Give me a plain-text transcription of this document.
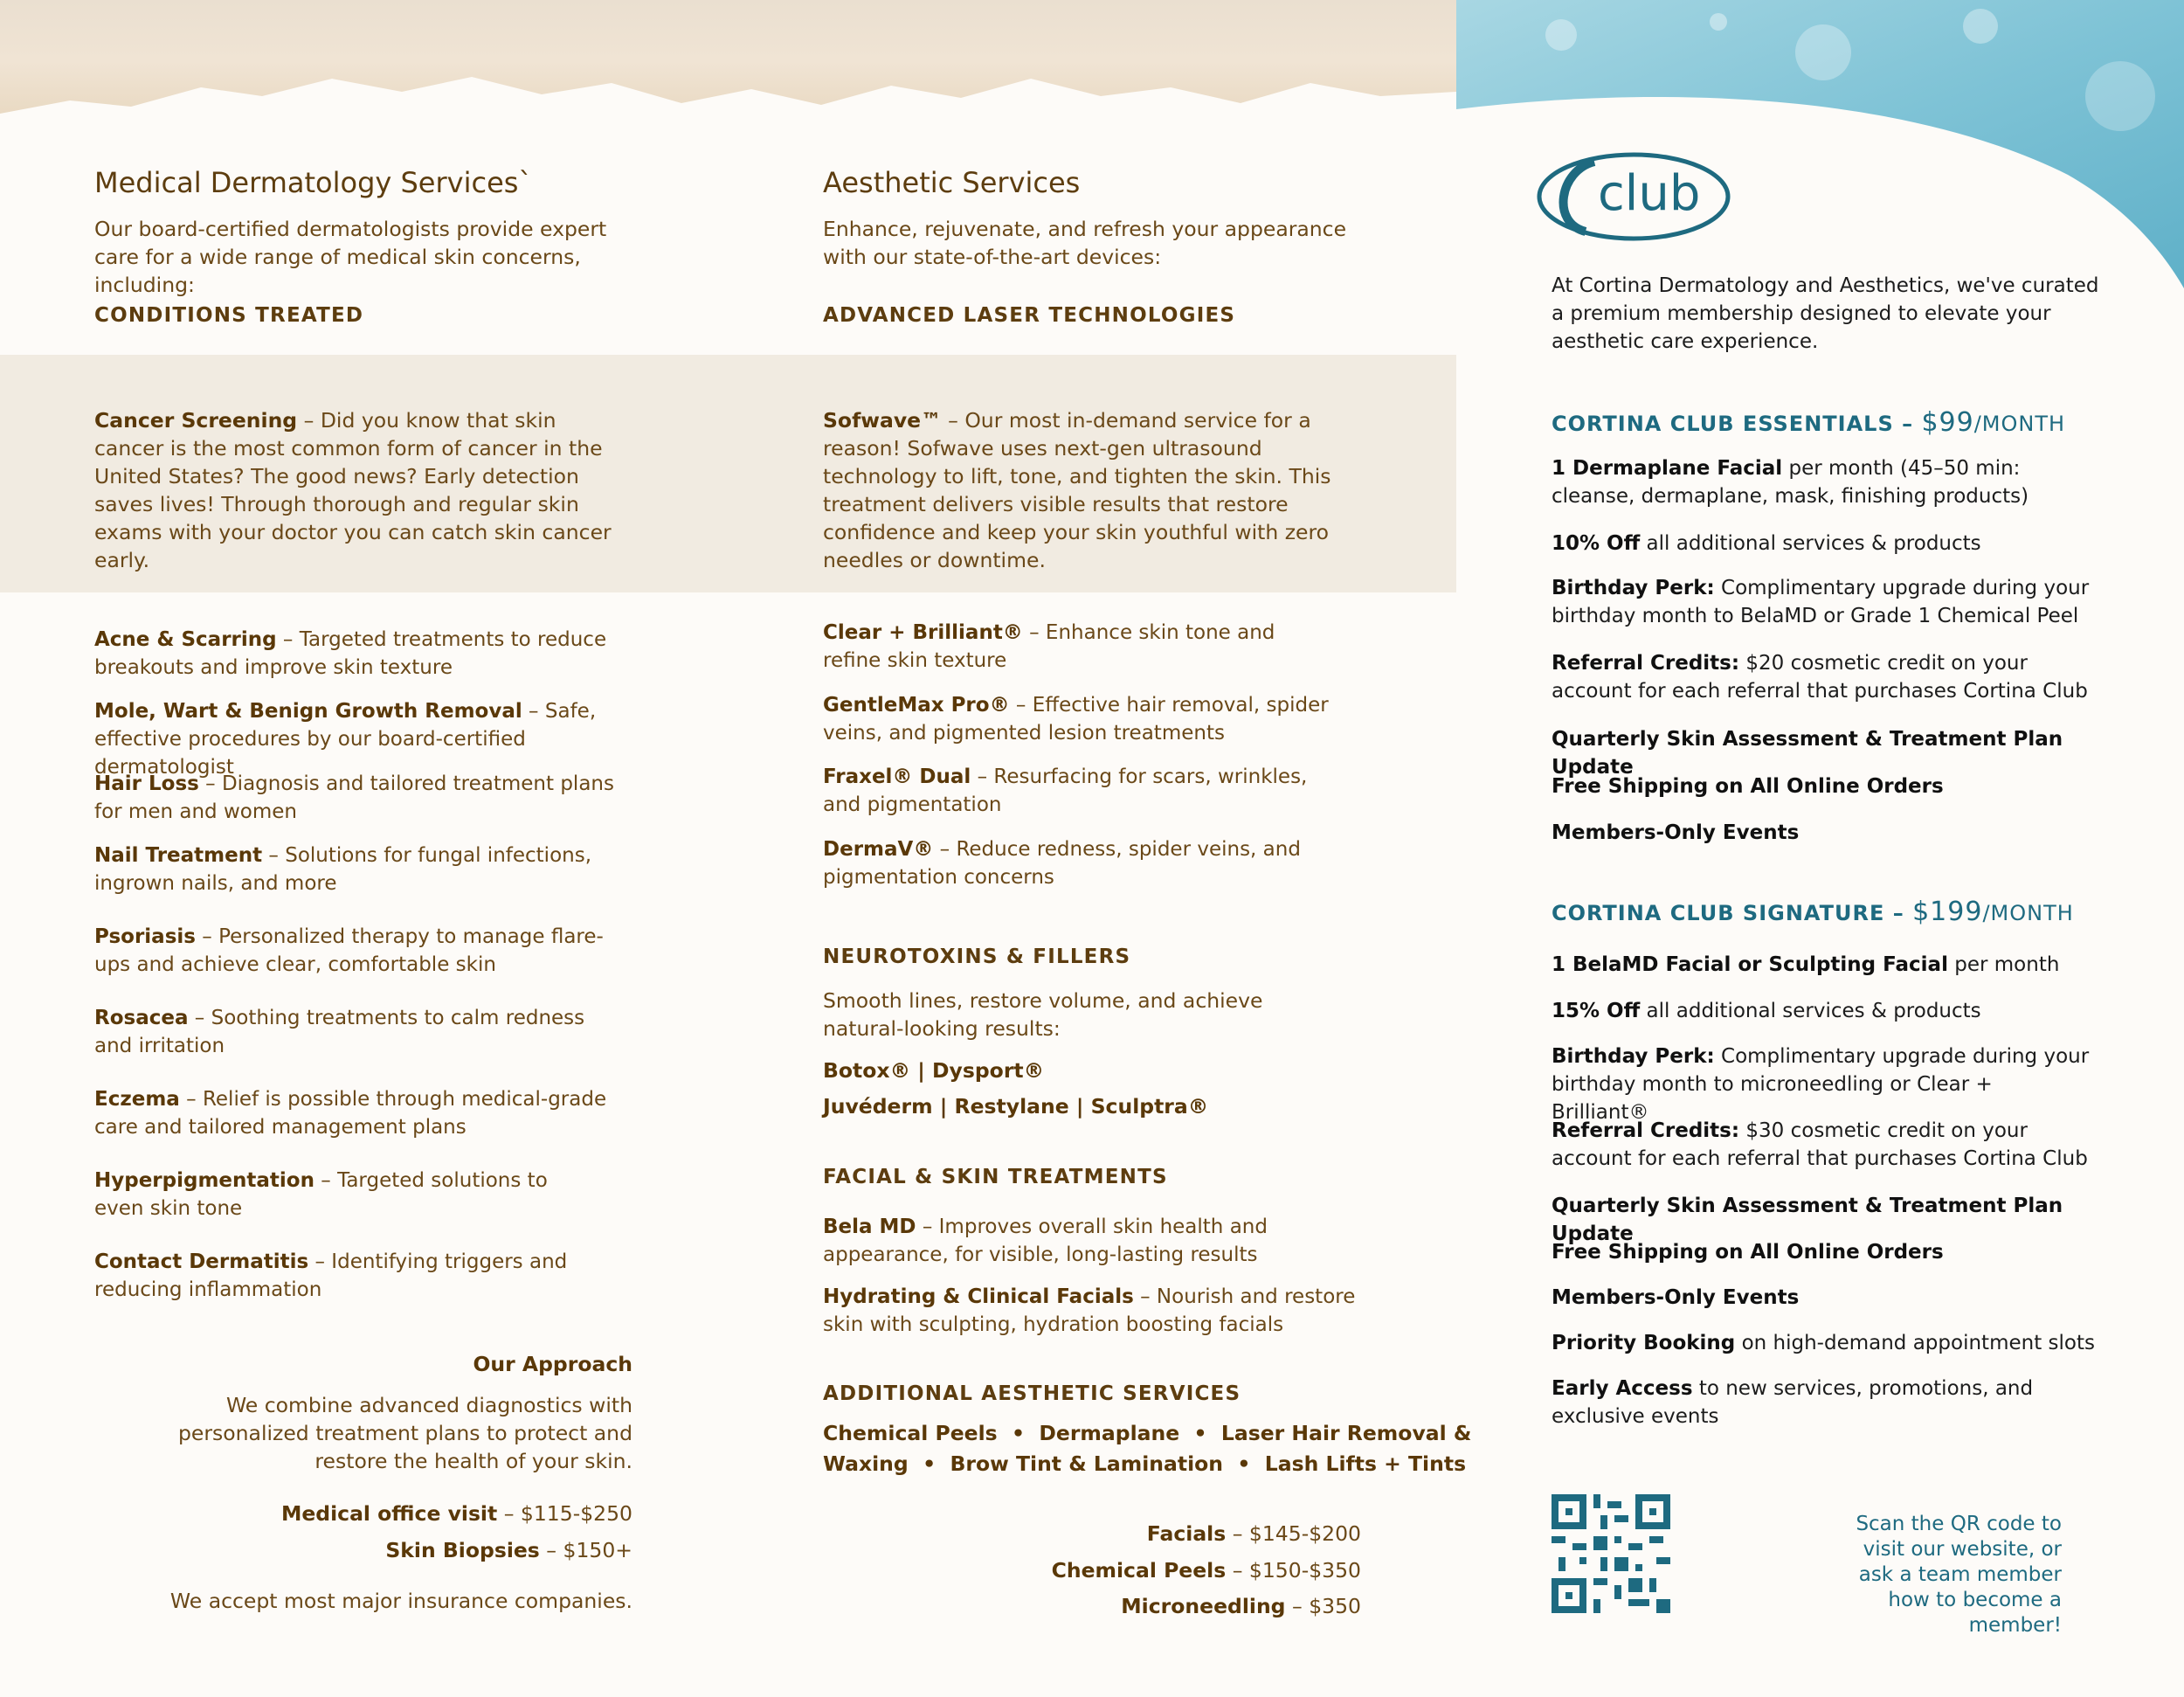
Medical Dermatology Services`
Our board-certified dermatologists provide expert care for a wide range of medical skin concerns, including:
CONDITIONS TREATED
Cancer Screening – Did you know that skin cancer is the most common form of cancer in the United States? The good news? Early detection saves lives! Through thorough and regular skin exams with your doctor you can catch skin cancer early.
Acne & Scarring – Targeted treatments to reduce breakouts and improve skin texture
Mole, Wart & Benign Growth Removal – Safe, effective procedures by our board-certified dermatologist
Hair Loss – Diagnosis and tailored treatment plans for men and women
Nail Treatment – Solutions for fungal infections, ingrown nails, and more
Psoriasis – Personalized therapy to manage flare-ups and achieve clear, comfortable skin
Rosacea – Soothing treatments to calm redness and irritation
Eczema – Relief is possible through medical-grade care and tailored management plans
Hyperpigmentation – Targeted solutions to even skin tone
Contact Dermatitis – Identifying triggers and reducing inflammation
Our Approach
We combine advanced diagnostics with personalized treatment plans to protect and restore the health of your skin.
Medical office visit – $115-$250
Skin Biopsies – $150+
We accept most major insurance companies.
Aesthetic Services
Enhance, rejuvenate, and refresh your appearance with our state-of-the-art devices:
ADVANCED LASER TECHNOLOGIES
Sofwave™ – Our most in-demand service for a reason! Sofwave uses next-gen ultrasound technology to lift, tone, and tighten the skin. This treatment delivers visible results that restore confidence and keep your skin youthful with zero needles or downtime.
Clear + Brilliant® – Enhance skin tone and refine skin texture
GentleMax Pro® – Effective hair removal, spider veins, and pigmented lesion treatments
Fraxel® Dual – Resurfacing for scars, wrinkles, and pigmentation
DermaV® – Reduce redness, spider veins, and pigmentation concerns
NEUROTOXINS & FILLERS
Smooth lines, restore volume, and achieve natural-looking results:
Botox® | Dysport®
Juvéderm | Restylane | Sculptra®
FACIAL & SKIN TREATMENTS
Bela MD – Improves overall skin health and appearance, for visible, long-lasting results
Hydrating & Clinical Facials – Nourish and restore skin with sculpting, hydration boosting facials
ADDITIONAL AESTHETIC SERVICES
Chemical Peels  •  Dermaplane  •  Laser Hair Removal &
Waxing  •  Brow Tint & Lamination  •  Lash Lifts + Tints
Facials – $145-$200
Chemical Peels – $150-$350
Microneedling – $350
club
At Cortina Dermatology and Aesthetics, we've curated a premium membership designed to elevate your aesthetic care experience.
CORTINA CLUB ESSENTIALS – $99/MONTH
1 Dermaplane Facial per month (45–50 min: cleanse, dermaplane, mask, finishing products)
10% Off all additional services & products
Birthday Perk: Complimentary upgrade during your birthday month to BelaMD or Grade 1 Chemical Peel
Referral Credits: $20 cosmetic credit on your account for each referral that purchases Cortina Club
Quarterly Skin Assessment & Treatment Plan Update
Free Shipping on All Online Orders
Members-Only Events
CORTINA CLUB SIGNATURE – $199/MONTH
1 BelaMD Facial or Sculpting Facial per month
15% Off all additional services & products
Birthday Perk: Complimentary upgrade during your birthday month to microneedling or Clear + Brilliant®
Referral Credits: $30 cosmetic credit on your account for each referral that purchases Cortina Club
Quarterly Skin Assessment & Treatment Plan Update
Free Shipping on All Online Orders
Members-Only Events
Priority Booking on high-demand appointment slots
Early Access to new services, promotions, and exclusive events
Scan the QR code to visit our website, or ask a team member how to become a member!
